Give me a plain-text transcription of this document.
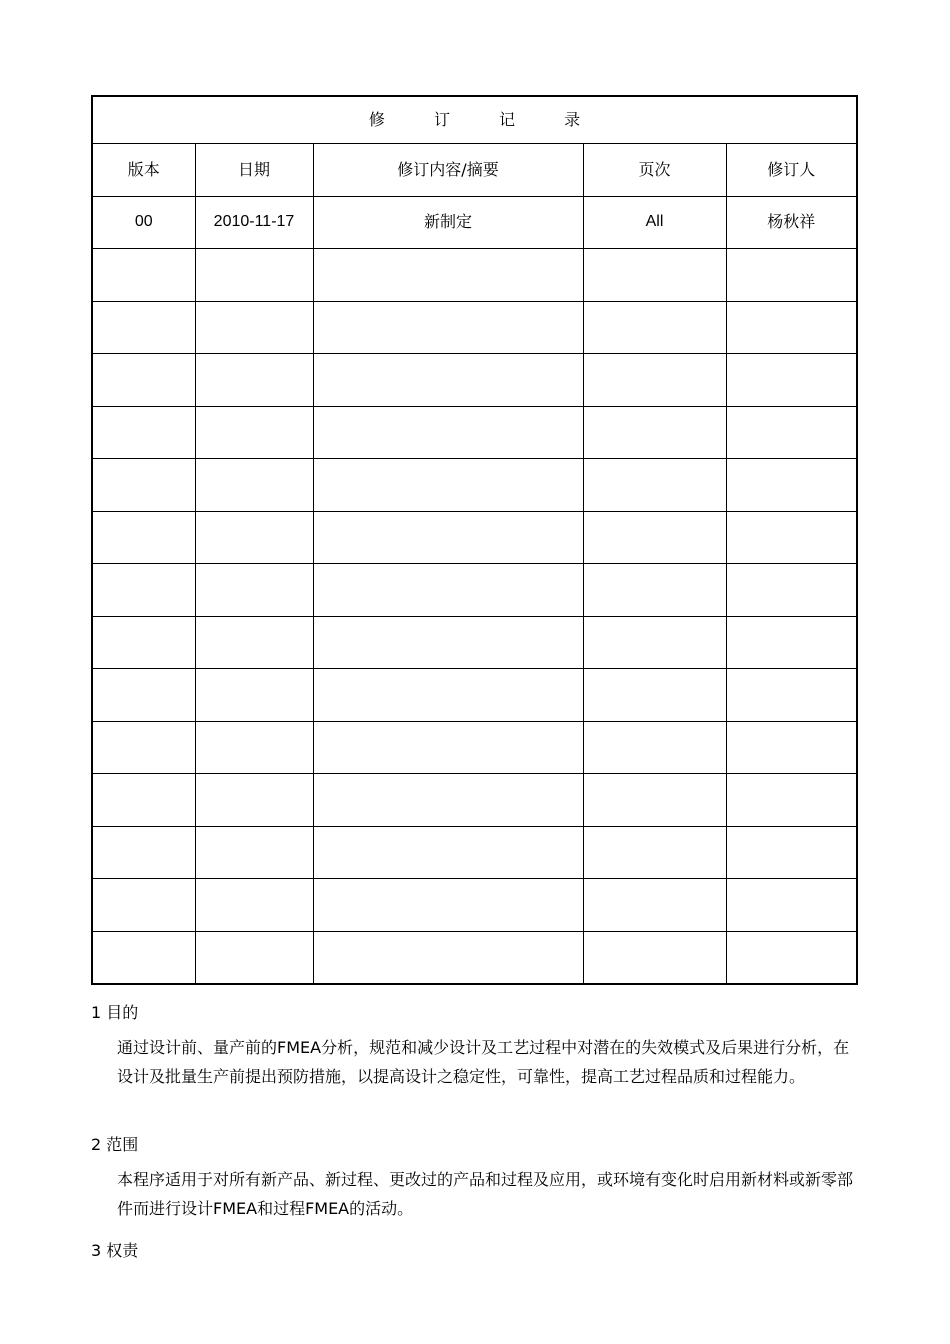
修 订 记 录				
版本	日期	修订内容/摘要	页次	修订人
00	2010-11-17	新制定	All	杨秋祥

1 目的
通过设计前、量产前的FMEA分析，规范和减少设计及工艺过程中对潜在的失效模式及后果进行分析，在设计及批量生产前提出预防措施，以提高设计之稳定性，可靠性，提高工艺过程品质和过程能力。
2 范围
本程序适用于对所有新产品、新过程、更改过的产品和过程及应用，或环境有变化时启用新材料或新零部件而进行设计FMEA和过程FMEA的活动。
3 权责
